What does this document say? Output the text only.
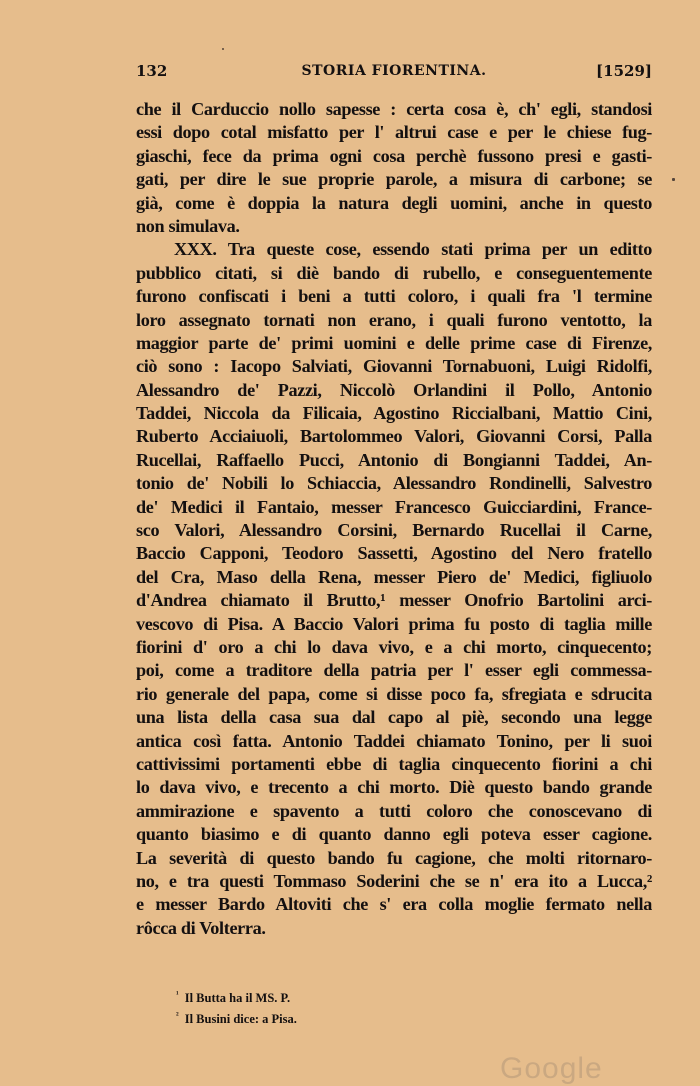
132	STORIA FIORENTINA.	[1529]
che il Carduccio nollo sapesse : certa cosa è, ch' egli, standosi
essi dopo cotal misfatto per l' altrui case e per le chiese fug-
giaschi, fece da prima ogni cosa perchè fussono presi e gasti-
gati, per dire le sue proprie parole, a misura di carbone; se
già, come è doppia la natura degli uomini, anche in questo
non simulava.
XXX. Tra queste cose, essendo stati prima per un editto
pubblico citati, si diè bando di rubello, e conseguentemente
furono confiscati i beni a tutti coloro, i quali fra 'l termine
loro assegnato tornati non erano, i quali furono ventotto, la
maggior parte de' primi uomini e delle prime case di Firenze,
ciò sono : Iacopo Salviati, Giovanni Tornabuoni, Luigi Ridolfi,
Alessandro de' Pazzi, Niccolò Orlandini il Pollo, Antonio
Taddei, Niccola da Filicaia, Agostino Riccialbani, Mattio Cini,
Ruberto Acciaiuoli, Bartolommeo Valori, Giovanni Corsi, Palla
Rucellai, Raffaello Pucci, Antonio di Bongianni Taddei, An-
tonio de' Nobili lo Schiaccia, Alessandro Rondinelli, Salvestro
de' Medici il Fantaio, messer Francesco Guicciardini, France-
sco Valori, Alessandro Corsini, Bernardo Rucellai il Carne,
Baccio Capponi, Teodoro Sassetti, Agostino del Nero fratello
del Cra, Maso della Rena, messer Piero de' Medici, figliuolo
d'Andrea chiamato il Brutto,¹ messer Onofrio Bartolini arci-
vescovo di Pisa. A Baccio Valori prima fu posto di taglia mille
fiorini d' oro a chi lo dava vivo, e a chi morto, cinquecento;
poi, come a traditore della patria per l' esser egli commessa-
rio generale del papa, come si disse poco fa, sfregiata e sdrucita
una lista della casa sua dal capo al piè, secondo una legge
antica così fatta. Antonio Taddei chiamato Tonino, per li suoi
cattivissimi portamenti ebbe di taglia cinquecento fiorini a chi
lo dava vivo, e trecento a chi morto. Diè questo bando grande
ammirazione e spavento a tutti coloro che conoscevano di
quanto biasimo e di quanto danno egli poteva esser cagione.
La severità di questo bando fu cagione, che molti ritornaro-
no, e tra questi Tommaso Soderini che se n' era ito a Lucca,²
e messer Bardo Altoviti che s' era colla moglie fermato nella
rôcca di Volterra.
$^{^1}$ Il Butta ha il MS. P.
$^{^2}$ Il Busini dice: a Pisa.
Google
